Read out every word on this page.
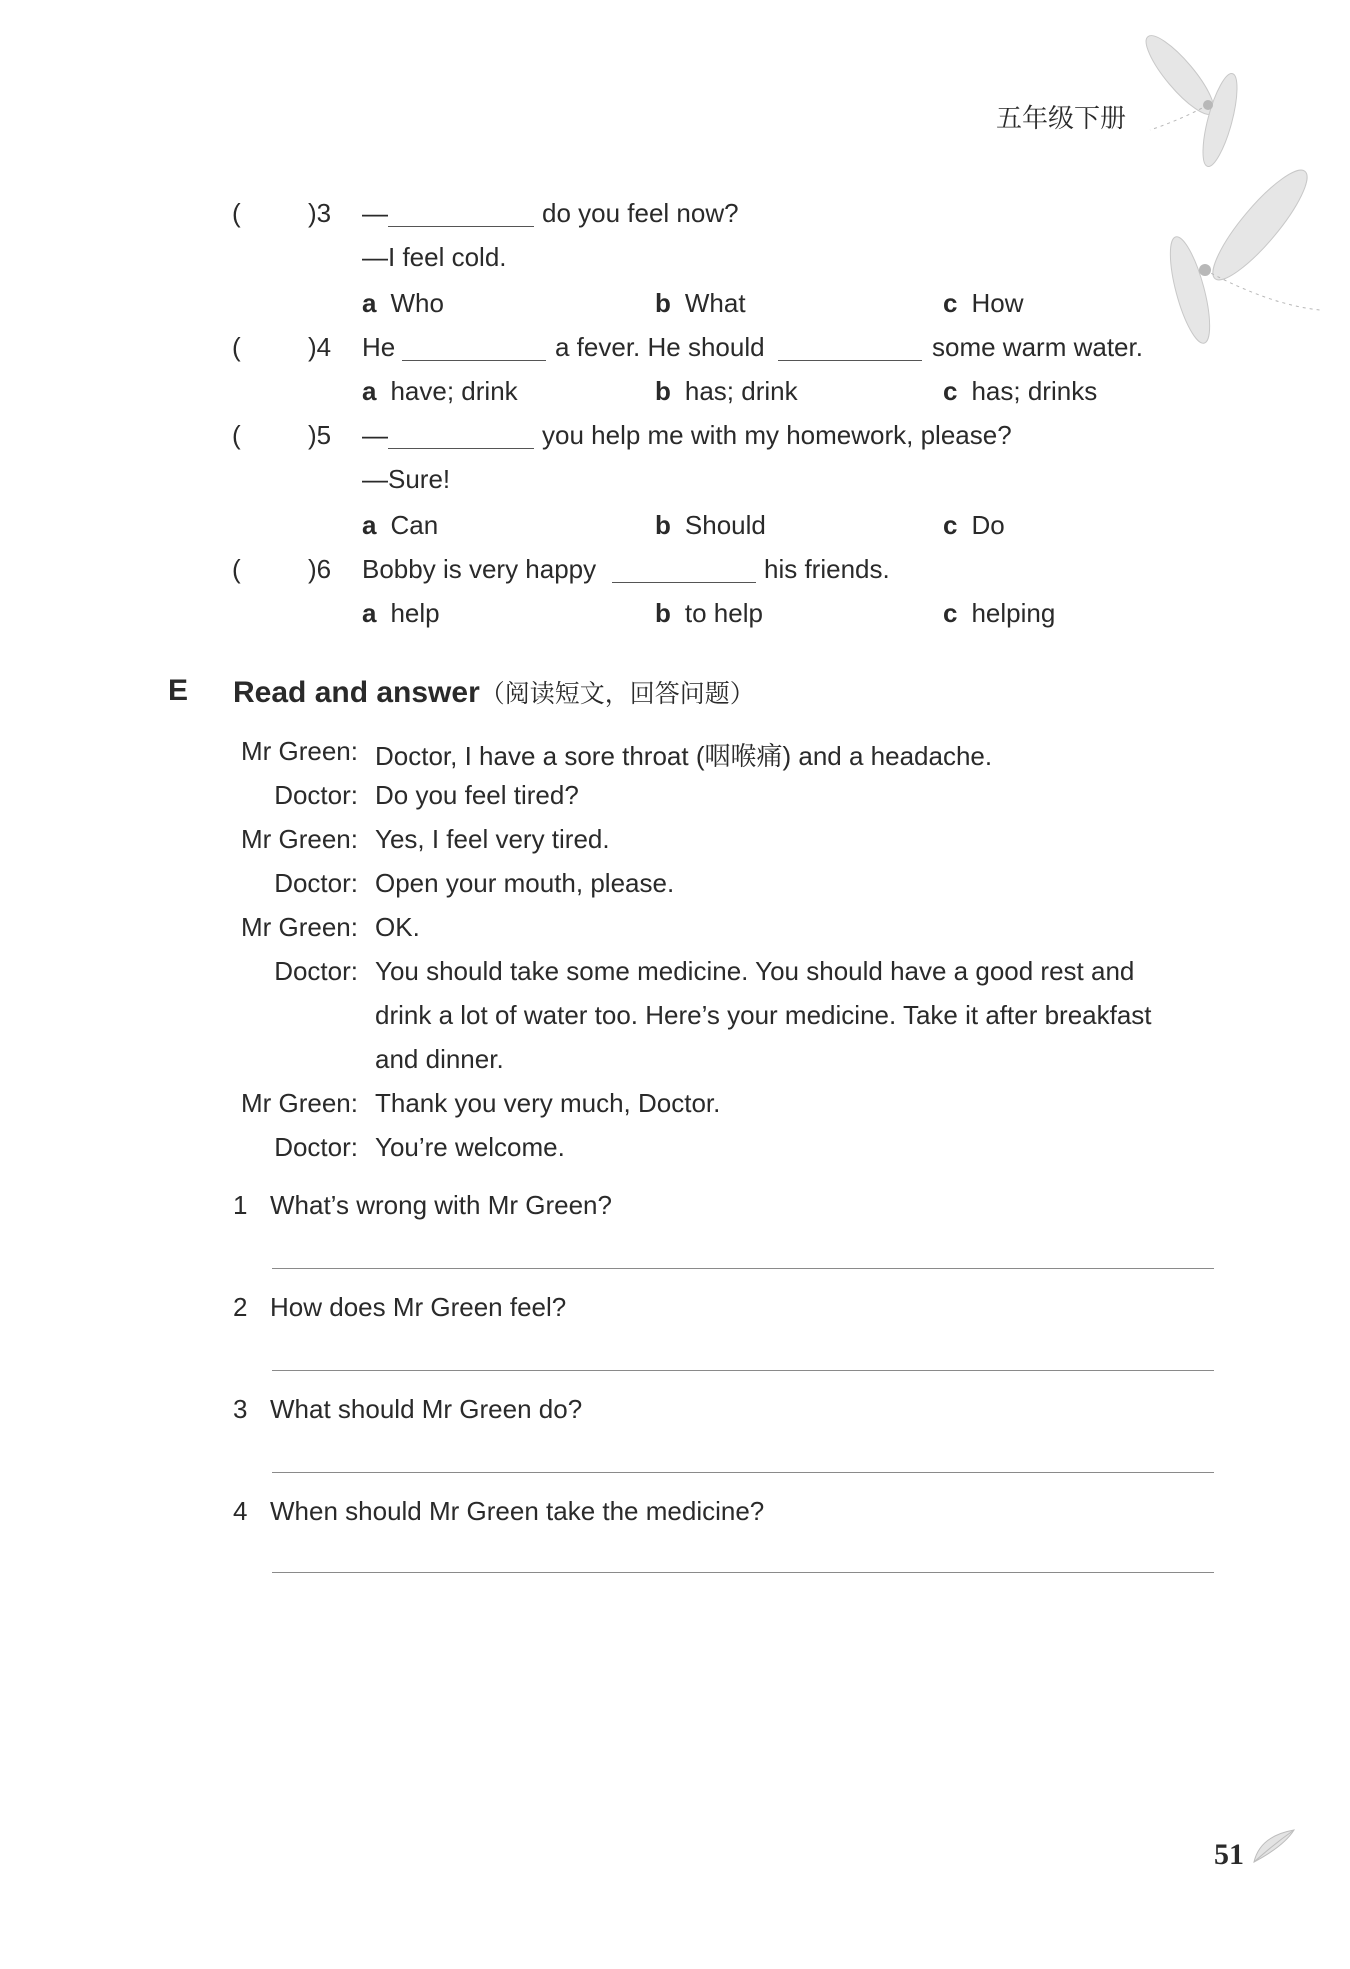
五年级下册
(	)3 —	do you feel now?
—I feel cold.
a Who	b What	c How
(	)4 He	a fever. He should	some warm water.
a have; drink	b has; drink	c has; drinks
(	)5 —	you help me with my homework, please?
—Sure!
a Can	b Should	c Do
(	)6 Bobby is very happy	his friends.
a help	b to help	c helping
E Read and answer（阅读短文，回答问题）
Mr Green: Doctor, I have a sore throat (咽喉痛) and a headache.
Doctor: Do you feel tired?
Mr Green: Yes, I feel very tired.
Doctor: Open your mouth, please.
Mr Green: OK.
Doctor: You should take some medicine. You should have a good rest and
drink a lot of water too. Here’s your medicine. Take it after breakfast
and dinner.
Mr Green: Thank you very much, Doctor.
Doctor: You’re welcome.
1 What’s wrong with Mr Green?
2 How does Mr Green feel?
3 What should Mr Green do?
4 When should Mr Green take the medicine?
51
